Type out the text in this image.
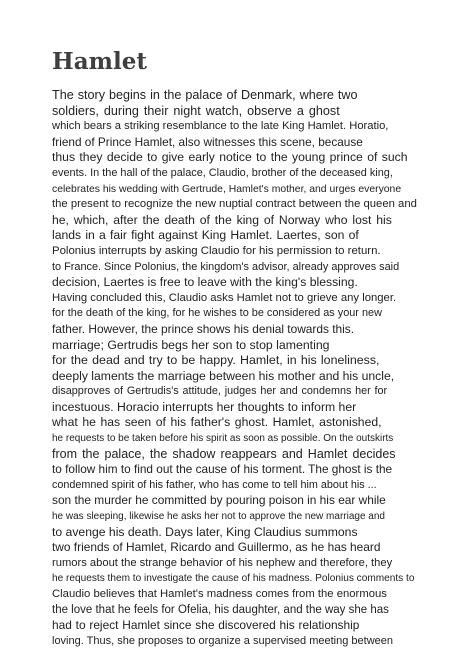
Hamlet
The story begins in the palace of Denmark, where two
soldiers, during their night watch, observe a ghost
which bears a striking resemblance to the late King Hamlet. Horatio,
friend of Prince Hamlet, also witnesses this scene, because
thus they decide to give early notice to the young prince of such
events. In the hall of the palace, Claudio, brother of the deceased king,
celebrates his wedding with Gertrude, Hamlet's mother, and urges everyone
the present to recognize the new nuptial contract between the queen and
he, which, after the death of the king of Norway who lost his
lands in a fair fight against King Hamlet. Laertes, son of
Polonius interrupts by asking Claudio for his permission to return.
to France. Since Polonius, the kingdom's advisor, already approves said
decision, Laertes is free to leave with the king's blessing.
Having concluded this, Claudio asks Hamlet not to grieve any longer.
for the death of the king, for he wishes to be considered as your new
father. However, the prince shows his denial towards this.
marriage; Gertrudis begs her son to stop lamenting
for the dead and try to be happy. Hamlet, in his loneliness,
deeply laments the marriage between his mother and his uncle,
disapproves of Gertrudis's attitude, judges her and condemns her for
incestuous. Horacio interrupts her thoughts to inform her
what he has seen of his father's ghost. Hamlet, astonished,
he requests to be taken before his spirit as soon as possible. On the outskirts
from the palace, the shadow reappears and Hamlet decides
to follow him to find out the cause of his torment. The ghost is the
condemned spirit of his father, who has come to tell him about his ...
son the murder he committed by pouring poison in his ear while
he was sleeping, likewise he asks her not to approve the new marriage and
to avenge his death. Days later, King Claudius summons
two friends of Hamlet, Ricardo and Guillermo, as he has heard
rumors about the strange behavior of his nephew and therefore, they
he requests them to investigate the cause of his madness. Polonius comments to
Claudio believes that Hamlet's madness comes from the enormous
the love that he feels for Ofelia, his daughter, and the way she has
had to reject Hamlet since she discovered his relationship
loving. Thus, she proposes to organize a supervised meeting between
